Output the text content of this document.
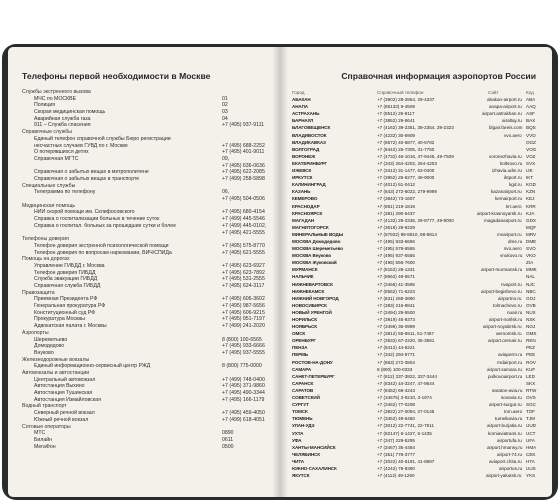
Телефоны первой необходимости в Москве
Службы экстренного вызова
МЧС по МОСКВЕ	01
Полиция	02
Скорая медицинская помощь	03
Аварийная служба газа	04
911 – Служба спасения	+7 (495) 937-9111
Справочные службы
Единый телефон справочной службы Бюро регистрации
несчастных случаев ГУВД по г. Москве	+7 (495) 688-2252
О потерявшихся детях	+7 (495) 401-9011
Справочная МГТС	09,
+7 (495) 636-0636
Справочная о забытых вещах в метрополитене	+7 (495) 622-2085
Справочная о забытых вещах в транспорте	+7 (499) 258-5898
Специальные службы
Телеграмма по телефону	06,
+7 (495) 504-0506
Медицинская помощь
НИИ скорой помощи им. Склифосовского	+7 (495) 680-4154
Справка о госпитализации больных в течение суток	+7 (499) 445-5546
Справка о госпитал. больных за прошедшие сутки и более	+7 (499) 445-0102,
+7 (495) 421-5555
Телефоны доверия
Телефон доверия экстренной психологической помощи	+7 (495) 575-8770
Телефон доверия по вопросам наркомании, ВИЧ/СПИДа	+7 (495) 621-5555
Помощь на дорогах
Управление ГИБДД г. Москва	+7 (495) 623-6927
Телефон доверия ГИБДД	+7 (495) 623-7892
Служба эвакуации ГИБДД	+7 (495) 531-2555
Справочная служба ГИБДД	+7 (495) 624-3117
Правозащита
Приемная Президента РФ	+7 (495) 606-3602
Генеральная прокуратура РФ	+7 (495) 987-5656
Конституционный суд РФ	+7 (495) 606-9215
Прокуратура Москвы	+7 (495) 951-7197
Адвокатская палата г. Москвы	+7 (499) 241-2020
Аэропорты
Шереметьево	8 (800) 100-6565
Домодедово	+7 (495) 933-6666
Внуково	+7 (495) 937-5555
Железнодорожные вокзалы
Единый информационно-сервисный центр РЖД	8 (800) 775-0000
Автовокзалы и автостанции
Центральный автовокзал	+7 (499) 748-0400
Автостанция Выхино	+7 (495) 371-9860
Автостанция Тушинская	+7 (495) 490-3344
Автостанция Измайловская	+7 (495) 166-1179
Водный транспорт
Северный речной вокзал	+7 (495) 459-4050
Южный речной вокзал	+7 (499) 618-4051
Сотовые операторы
МТС	0890
Билайн	0611
МегаФон	0500
Справочная информация аэропортов России
Город	Справочный телефон	Сайт	Код
АБАКАН	+7 (3902) 28-2854, 29-4337	abakan-airport.ru ABA
АНАПА	+7 (86133) 9-4509	anapa-airport.ru AAQ
АСТРАХАНЬ	+7 (8512) 26-9117	airport.astrakhan.ru ASF
БАРНАУЛ	+7 (3852) 29-8641	airaltay.ru BAX
БЛАГОВЕЩЕНСК	+7 (4162) 39-2351, 39-2354, 39-2323	blgair.fareis.com BQS
ВЛАДИВОСТОК	+7 (4232) 30-6909	vvo.aero VVO
ВЛАДИКАВКАЗ	+7 (8672) 40-6877, 40-6782	OGZ
ВОЛГОГРАД	+7 (8442) 26-7305, 31-7750	VOG
ВОРОНЕЖ	+7 (4732) 46-1016, 47-9445, 49-7509	voronezhavia.ru VOZ
ЕКАТЕРИНБУРГ	+7 (343) 264-4202, 264-4203	koltsovo.ru SVX
ИЖЕВСК	+7 (3412) 31-1477, 63-0400	izhavia.udm.ru IJK
ИРКУТСК	+7 (3952) 26-6277, 49-9000	iktport.ru IKT
КАЛИНИНГРАД	+7 (4012) 61-0412	kgd.ru KGD
КАЗАНЬ	+7 (843) 272-6022, 279-9999	kazanairport.ru KZN
КЕМЕРОВО	+7 (3842) 73-1607	kemairport.ru KEJ
КРАСНОДАР	+7 (861) 219-1819	krr.aero KRR
КРАСНОЯРСК	+7 (391) 290-6437	airport-krasnoyarsk.ru KJA
МАГАДАН	+7 (4132) 29-3336, 29-8777, 49-9000	magadanairport.ru GDX
МАГНИТОГОРСК	+7 (3519) 29-9229	MQF
МИНЕРАЛЬНЫЕ ВОДЫ	+7 (87922) 98-8810, 98-8814	mvairport.ru MRV
МОСКВА Домодедово	+7 (495) 933-6666	dme.ru DME
МОСКВА Шереметьево	+7 (495) 578-6565	svo.aero SVO
МОСКВА Внуково	+7 (495) 937-5555	vnukovo.ru VKO
МОСКВА Жуковский	+7 (495) 556-7600	ZIA
МУРМАНСК	+7 (8152) 28-1331	airport-murmansk.ru MMK
НАЛЬЧИК	+7 (8662) 49-5571	NAL
НИЖНЕВАРТОВСК	+7 (3466) 41-3595	nvaport.ru NJC
НИЖНЕКАМСК	+7 (8552) 71-5223	airport-begishevo.ru NBC
НИЖНИЙ НОВГОРОД	+7 (831) 269-3890	airportnn.ru GOJ
НОВОСИБИРСК	+7 (383) 216-9841	tolmachevo.ru OVB
НОВЫЙ УРЕНГОЙ	+7 (3494) 29-5500	nuair.ru NUX
НОРИЛЬСК	+7 (3919) 45-9373	airport-norilsk.ru NSK
НОЯБРЬСК	+7 (3496) 36-0999	airport-noyabrsk.ru NOJ
ОМСК	+7 (3812) 55-6911, 51-7487	aeroomsk.ru OMS
ОРЕНБУРГ	+7 (3532) 67-2220, 35-3581	airport.orenair.ru REN
ПЕНЗА	+7 (8412) 44-8221	PEZ
ПЕРМЬ	+7 (342) 294-9771	aviaperm.ru PEE
РОСТОВ-НА-ДОНУ	+7 (863) 272-3804	rndairport.ru ROV
САМАРА	8 (800) 100-0333	airport.samara.ru KUF
САНКТ-ПЕТЕРБУРГ	+7 (812) 337-3822, 337-3444	pulkovoairport.ru LED
САРАНСК	+7 (8342) 44-3247, 47-9544	SKX
САРАТОВ	+7 (8452) 69-4243	saratov-avia.ru RTW
СОВЕТСКИЙ	+7 (34675) 3-9210, 3-1974	sovavia.ru OVS
СУРГУТ	+7 (3462) 77-0208	airport-surgut.ru SGC
ТОМСК	+7 (3822) 27-0084, 27-0145	tom.aero TOF
ТЮМЕНЬ	+7 (3452) 49-6450	tumeikavia.ru TJM
УЛАН-УДЭ	+7 (3012) 22-7741, 22-7611	airport-burjatia.ru UUD
УХТА	+7 (82147) 6-1427, 6-1435	komiaviatrans.ru UCT
УФА	+7 (347) 229-5295	airportufa.ru UFA
ХАНТЫ-МАНСИЙСК	+7 (3467) 35-4484	airport.hmansy.ru HMA
ЧЕЛЯБИНСК	+7 (351) 778-3777	airport-74.ru CEK
ЧИТА	+7 (3022) 40-6191, 41-8887	aviaport.chita.ru HTA
ЮЖНО-САХАЛИНСК	+7 (4242) 78-8390	airportus.ru UUS
ЯКУТСК	+7 (4112) 49-1260	airport-yakutsk.ru YKS
